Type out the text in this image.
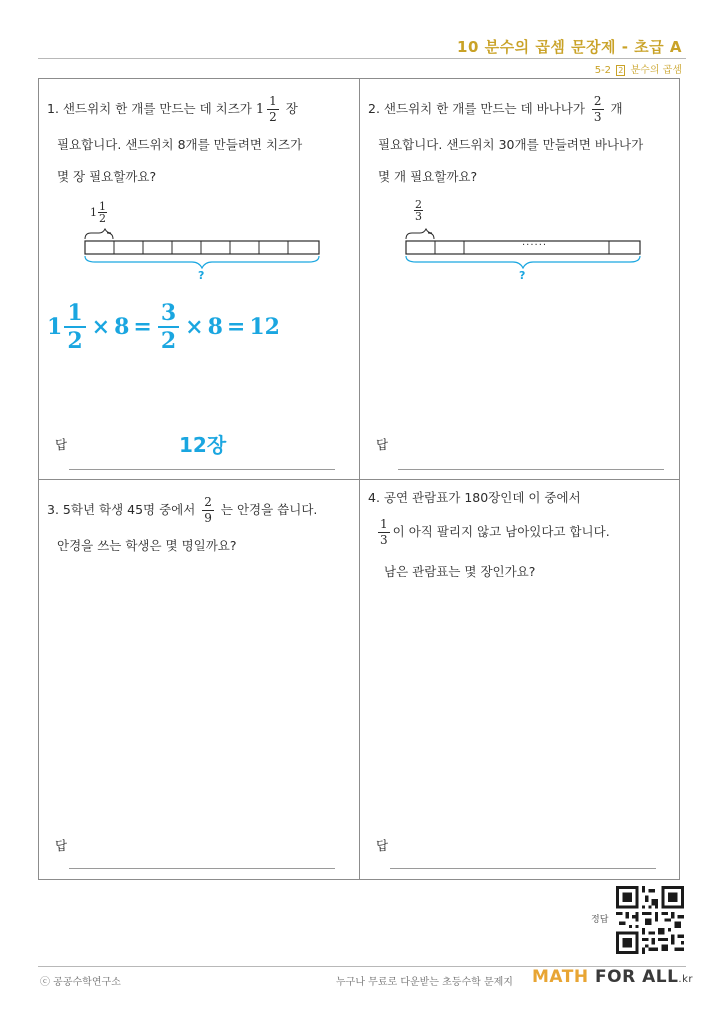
10 분수의 곱셈 문장제 - 초급 A
5-2 2 분수의 곱셈
1. 샌드위치 한 개를 만드는 데 치즈가 $1 \frac{1}{2}$ 장
필요합니다. 샌드위치 8개를 만들려면 치즈가
몇 장 필요할까요?
$1 \frac{1}{2}$
?
$1 \frac{1}{2} \times 8 = \frac{3}{2} \times 8 = 12$
답	12장
2. 샌드위치 한 개를 만드는 데 바나나가 $\frac{2}{3}$ 개
필요합니다. 샌드위치 30개를 만들려면 바나나가
몇 개 필요할까요?
$\frac{2}{3}$
......
?
답
3. 5학년 학생 45명 중에서 $\frac{2}{9}$ 는 안경을 씁니다.
안경을 쓰는 학생은 몇 명일까요?
답
4. 공연 관람표가 180장인데 이 중에서
$\frac{1}{3}$ 이 아직 팔리지 않고 남아있다고 합니다.
남은 관람표는 몇 장인가요?
답
정답
ⓒ 공공수학연구소	누구나 무료로 다운받는 초등수학 문제지 MATH FOR ALL.kr
